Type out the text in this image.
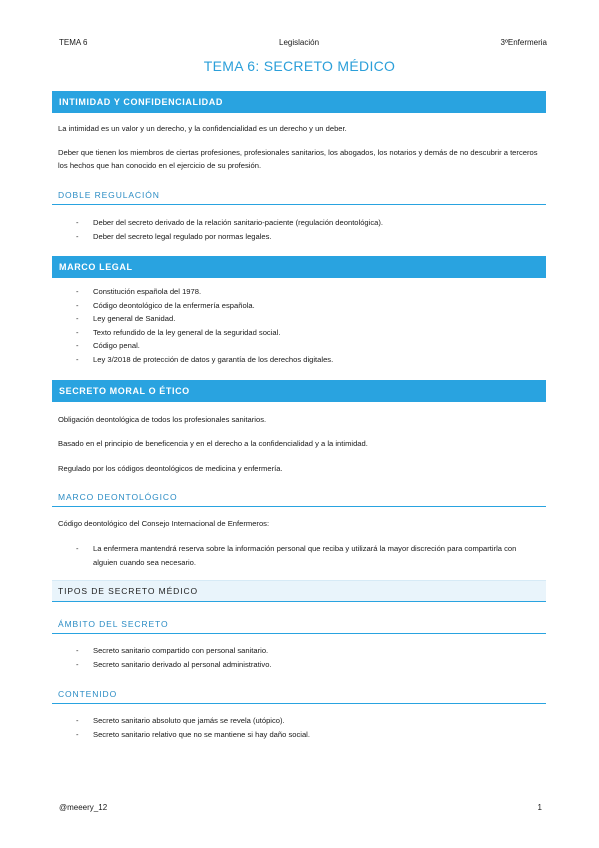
TEMA 6	Legislación	3ºEnfermeria
TEMA 6: SECRETO MÉDICO
INTIMIDAD Y CONFIDENCIALIDAD
La intimidad es un valor y un derecho, y la confidencialidad es un derecho y un deber.
Deber que tienen los miembros de ciertas profesiones, profesionales sanitarios, los abogados, los notarios y demás de no descubrir a terceros los hechos que han conocido en el ejercicio de su profesión.
DOBLE REGULACIÓN
- Deber del secreto derivado de la relación sanitario-paciente (regulación deontológica).
- Deber del secreto legal regulado por normas legales.
MARCO LEGAL
- Constitución española del 1978.
- Código deontológico de la enfermería española.
- Ley general de Sanidad.
- Texto refundido de la ley general de la seguridad social.
- Código penal.
- Ley 3/2018 de protección de datos y garantía de los derechos digitales.
SECRETO MORAL O ÉTICO
Obligación deontológica de todos los profesionales sanitarios.
Basado en el principio de beneficencia y en el derecho a la confidencialidad y a la intimidad.
Regulado por los códigos deontológicos de medicina y enfermería.
MARCO DEONTOLÓGICO
Código deontológico del Consejo Internacional de Enfermeros:
- La enfermera mantendrá reserva sobre la información personal que reciba y utilizará la mayor discreción para compartirla con alguien cuando sea necesario.
TIPOS DE SECRETO MÉDICO
ÁMBITO DEL SECRETO
- Secreto sanitario compartido con personal sanitario.
- Secreto sanitario derivado al personal administrativo.
CONTENIDO
- Secreto sanitario absoluto que jamás se revela (utópico).
- Secreto sanitario relativo que no se mantiene si hay daño social.
@meeery_12	1
